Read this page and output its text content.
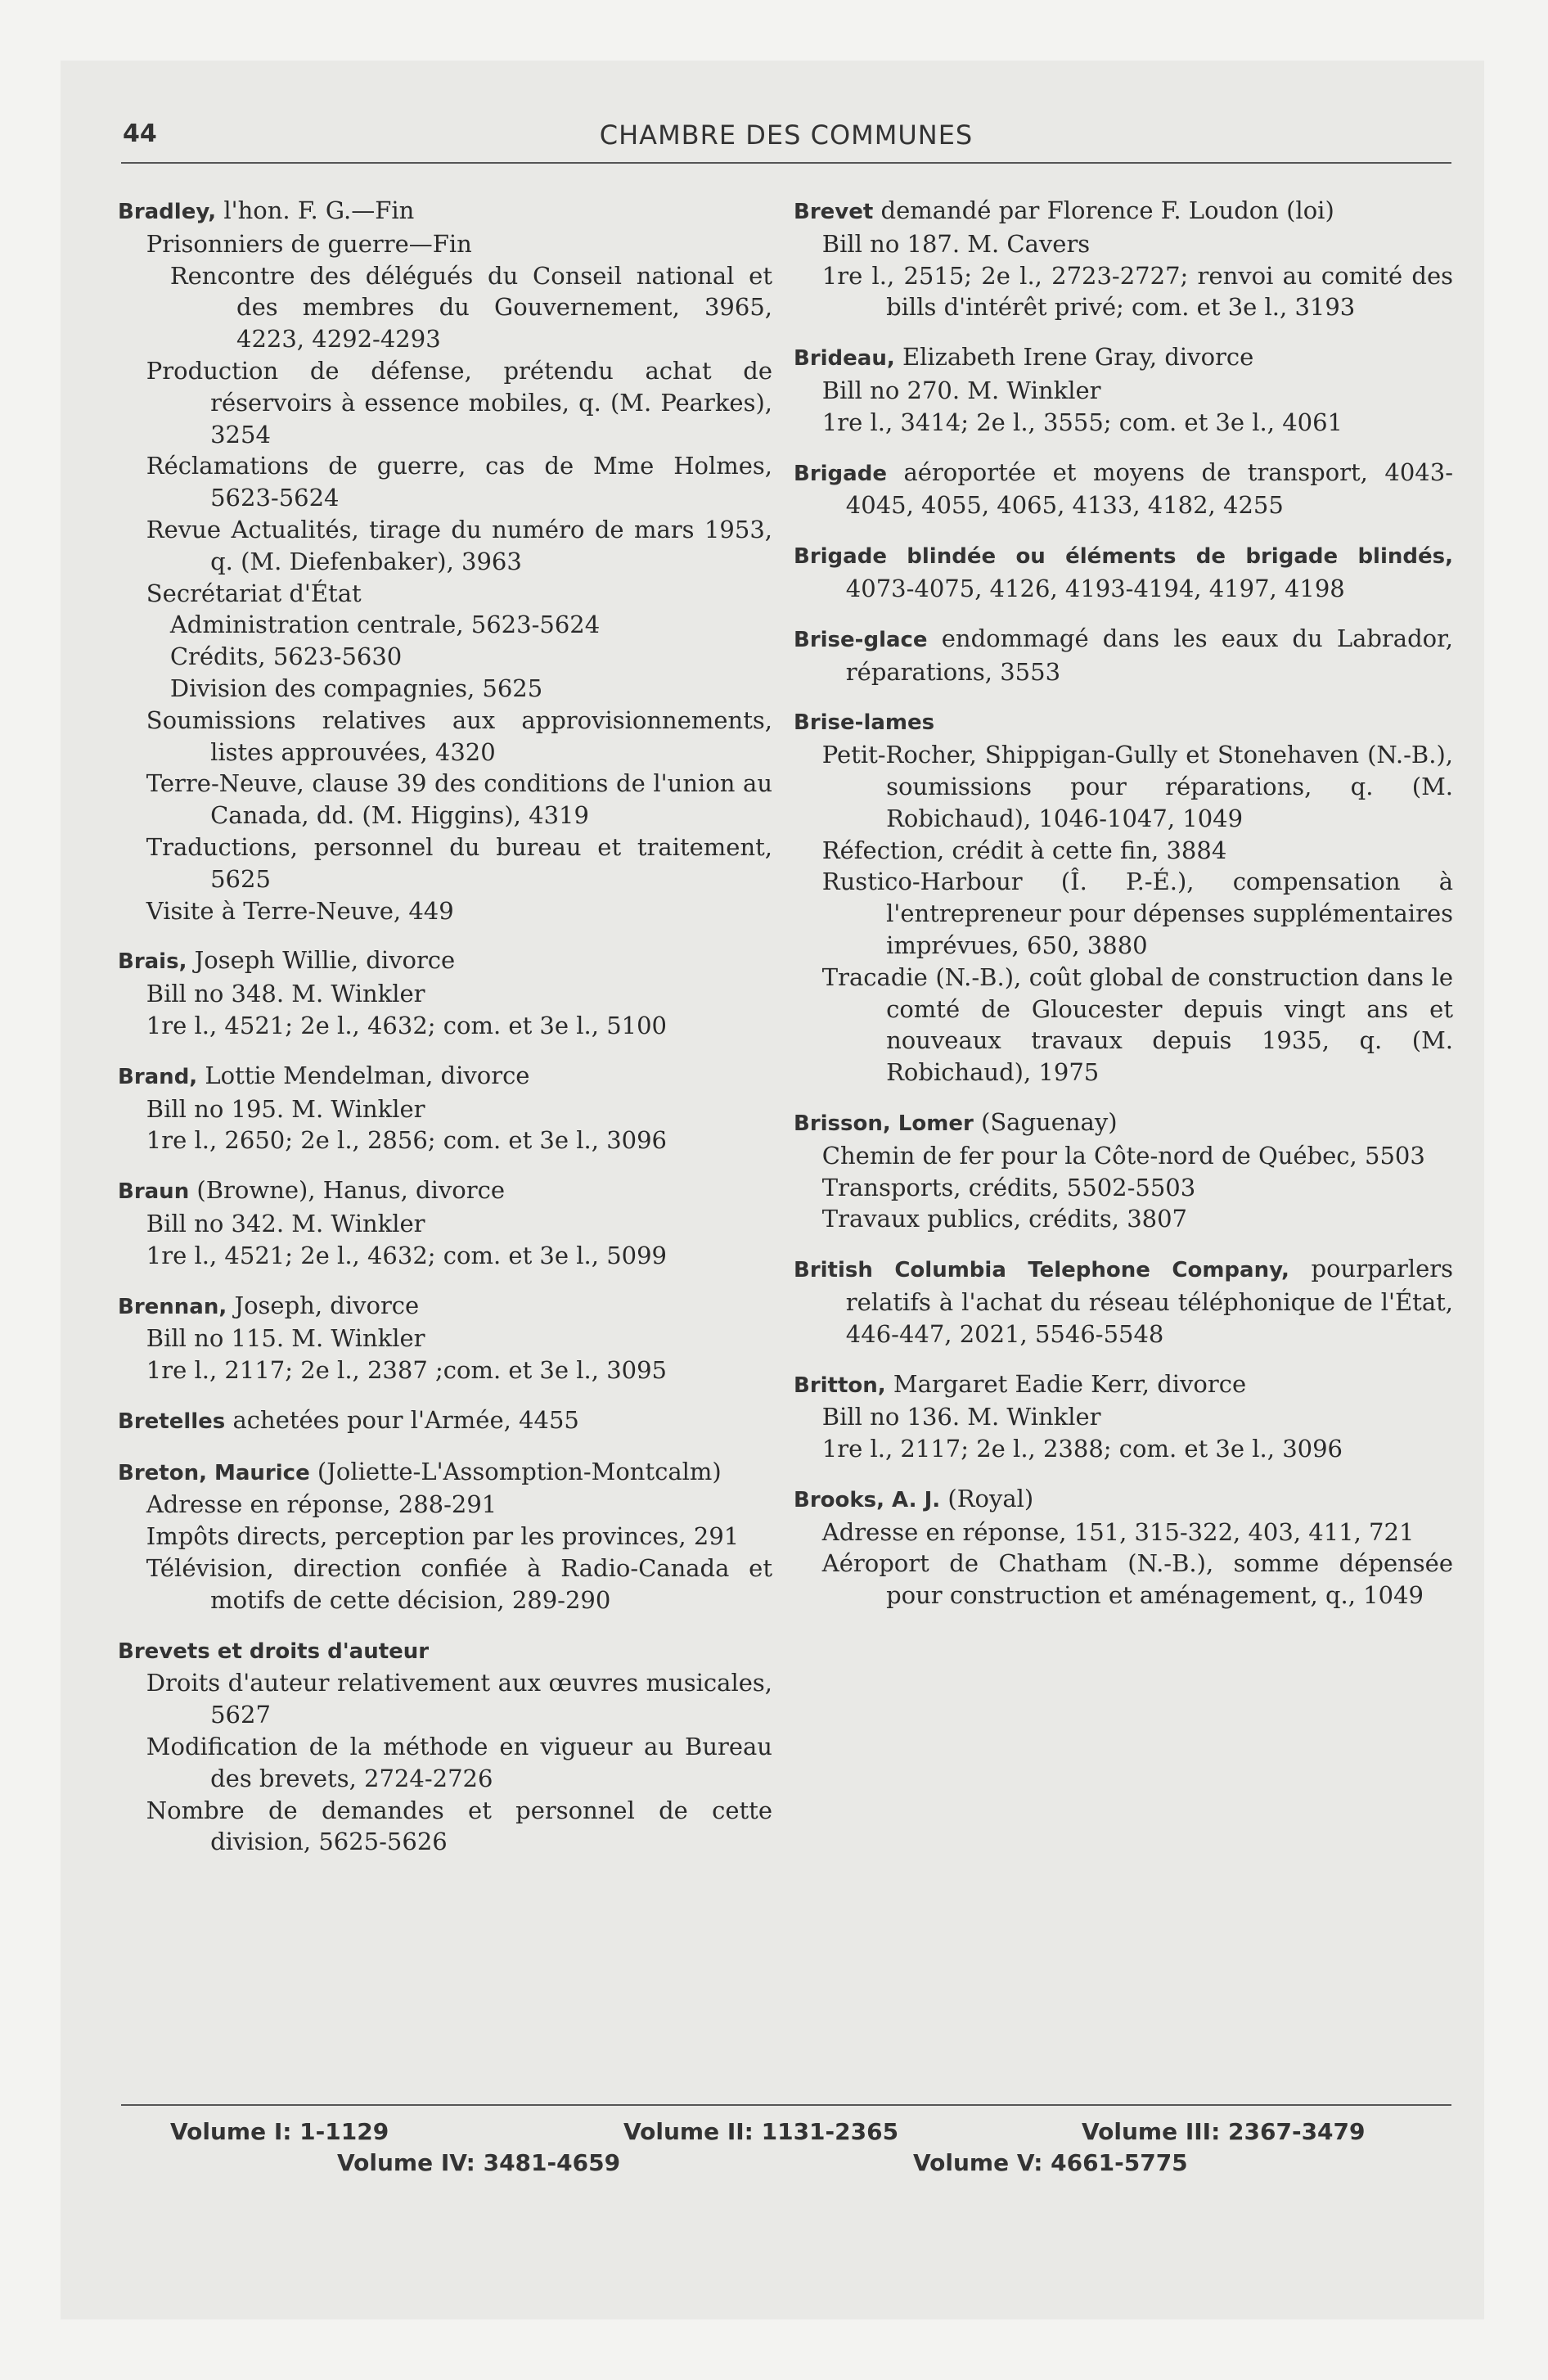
44	CHAMBRE DES COMMUNES
Bradley, l'hon. F. G.—Fin
Prisonniers de guerre—Fin
Rencontre des délégués du Conseil national et des membres du Gouvernement, 3965, 4223, 4292-4293
Production de défense, prétendu achat de réservoirs à essence mobiles, q. (M. Pearkes), 3254
Réclamations de guerre, cas de Mme Holmes, 5623-5624
Revue Actualités, tirage du numéro de mars 1953, q. (M. Diefenbaker), 3963
Secrétariat d'État
Administration centrale, 5623-5624
Crédits, 5623-5630
Division des compagnies, 5625
Soumissions relatives aux approvisionnements, listes approuvées, 4320
Terre-Neuve, clause 39 des conditions de l'union au Canada, dd. (M. Higgins), 4319
Traductions, personnel du bureau et traitement, 5625
Visite à Terre-Neuve, 449
Brais, Joseph Willie, divorce
Bill no 348. M. Winkler
1re l., 4521; 2e l., 4632; com. et 3e l., 5100
Brand, Lottie Mendelman, divorce
Bill no 195. M. Winkler
1re l., 2650; 2e l., 2856; com. et 3e l., 3096
Braun (Browne), Hanus, divorce
Bill no 342. M. Winkler
1re l., 4521; 2e l., 4632; com. et 3e l., 5099
Brennan, Joseph, divorce
Bill no 115. M. Winkler
1re l., 2117; 2e l., 2387 ;com. et 3e l., 3095
Bretelles achetées pour l'Armée, 4455
Breton, Maurice (Joliette-L'Assomption-Montcalm)
Adresse en réponse, 288-291
Impôts directs, perception par les provinces, 291
Télévision, direction confiée à Radio-Canada et motifs de cette décision, 289-290
Brevets et droits d'auteur
Droits d'auteur relativement aux œuvres musicales, 5627
Modification de la méthode en vigueur au Bureau des brevets, 2724-2726
Nombre de demandes et personnel de cette division, 5625-5626
Brevet demandé par Florence F. Loudon (loi)
Bill no 187. M. Cavers
1re l., 2515; 2e l., 2723-2727; renvoi au comité des bills d'intérêt privé; com. et 3e l., 3193
Brideau, Elizabeth Irene Gray, divorce
Bill no 270. M. Winkler
1re l., 3414; 2e l., 3555; com. et 3e l., 4061
Brigade aéroportée et moyens de transport, 4043-4045, 4055, 4065, 4133, 4182, 4255
Brigade blindée ou éléments de brigade blindés, 4073-4075, 4126, 4193-4194, 4197, 4198
Brise-glace endommagé dans les eaux du Labrador, réparations, 3553
Brise-lames
Petit-Rocher, Shippigan-Gully et Stonehaven (N.-B.), soumissions pour réparations, q. (M. Robichaud), 1046-1047, 1049
Réfection, crédit à cette fin, 3884
Rustico-Harbour (Î. P.-É.), compensation à l'entrepreneur pour dépenses supplémentaires imprévues, 650, 3880
Tracadie (N.-B.), coût global de construction dans le comté de Gloucester depuis vingt ans et nouveaux travaux depuis 1935, q. (M. Robichaud), 1975
Brisson, Lomer (Saguenay)
Chemin de fer pour la Côte-nord de Québec, 5503
Transports, crédits, 5502-5503
Travaux publics, crédits, 3807
British Columbia Telephone Company, pourparlers relatifs à l'achat du réseau téléphonique de l'État, 446-447, 2021, 5546-5548
Britton, Margaret Eadie Kerr, divorce
Bill no 136. M. Winkler
1re l., 2117; 2e l., 2388; com. et 3e l., 3096
Brooks, A. J. (Royal)
Adresse en réponse, 151, 315-322, 403, 411, 721
Aéroport de Chatham (N.-B.), somme dépensée pour construction et aménagement, q., 1049
Volume I: 1-1129	Volume II: 1131-2365	Volume III: 2367-3479
Volume IV: 3481-4659	Volume V: 4661-5775
